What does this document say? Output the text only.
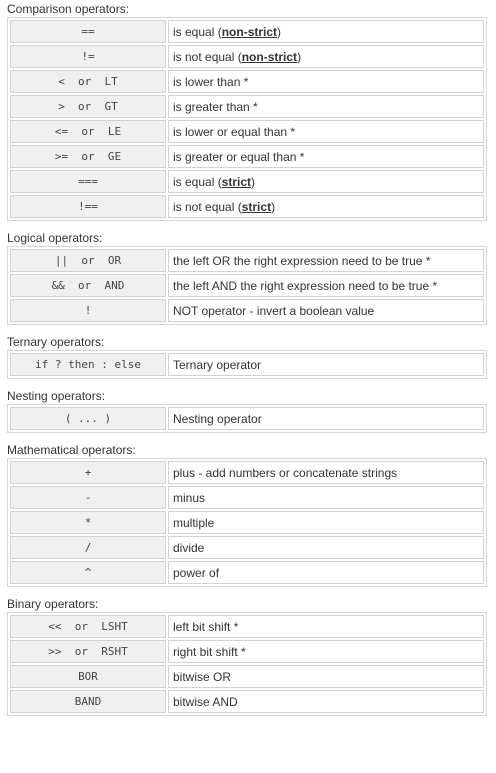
Comparison operators:
==	is equal (non-strict)
!=	is not equal (non-strict)
<  or  LT	is lower than *
>  or  GT	is greater than *
<=  or  LE	is lower or equal than *
>=  or  GE	is greater or equal than *
===	is equal (strict)
!==	is not equal (strict)
Logical operators:
||  or  OR	the left OR the right expression need to be true *
&&  or  AND	the left AND the right expression need to be true *
!	NOT operator - invert a boolean value
Ternary operators:
if ? then : else	Ternary operator
Nesting operators:
( ... )	Nesting operator
Mathematical operators:
+	plus - add numbers or concatenate strings
-	minus
*	multiple
/	divide
^	power of
Binary operators:
<<  or  LSHT	left bit shift *
>>  or  RSHT	right bit shift *
BOR	bitwise OR
BAND	bitwise AND
